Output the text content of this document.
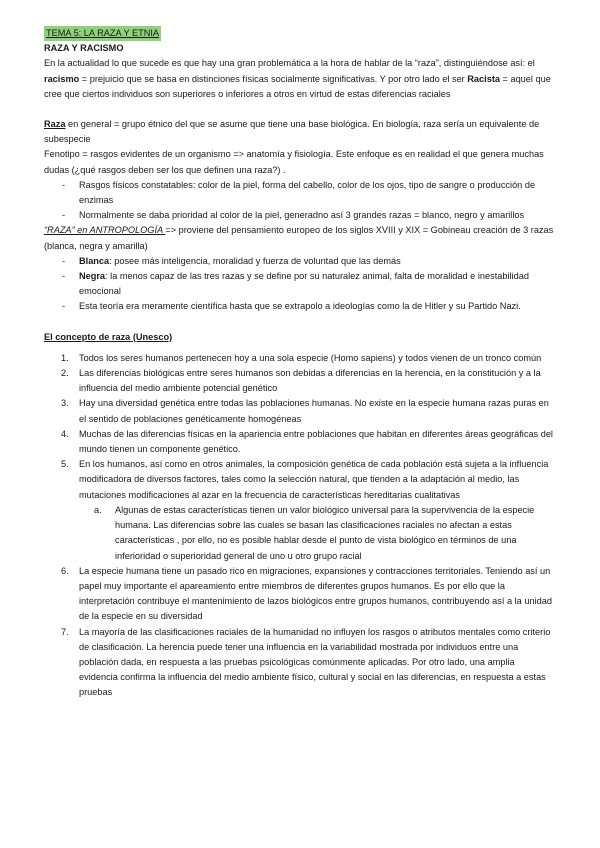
TEMA 5: LA RAZA Y ETNIA

RAZA Y RACISMO

En la actualidad lo que sucede es que hay una gran problemática a la hora de hablar de la “raza”, distinguiéndose así: el racismo = prejuicio que se basa en distinciones físicas socialmente significativas. Y por otro lado el ser Racista = aquel que cree que ciertos individuos son superiores o inferiores a otros en virtud de estas diferencias raciales

Raza en general = grupo étnico del que se asume que tiene una base biológica. En biología, raza sería un equivalente de subespecie

Fenotipo = rasgos evidentes de un organismo => anatomía y fisiología. Este enfoque es en realidad el que genera muchas dudas (¿qué rasgos deben ser los que definen una raza?) .

- Rasgos físicos constatables: color de la piel, forma del cabello, color de los ojos, tipo de sangre o producción de enzimas
- Normalmente se daba prioridad al color de la piel, generadno así 3 grandes razas = blanco, negro y amarillos

“RAZA” en ANTROPOLOGÍA => proviene del pensamiento europeo de los siglos XVIII y XIX = Gobineau creación de 3 razas (blanca, negra y amarilla)

- Blanca: posee más inteligencia, moralidad y fuerza de voluntad que las demás
- Negra: la menos capaz de las tres razas y se define por su naturalez animal, falta de moralidad e inestabilidad emocional
- Esta teoría era meramente científica hasta que se extrapolo a ideologías como la de Hitler y su Partido Nazi.

El concepto de raza (Unesco)

1. Todos los seres humanos pertenecen hoy a una sola especie (Homo sapiens) y todos vienen de un tronco común
2. Las diferencias biológicas entre seres humanos son debidas a diferencias en la herencia, en la constitución y a la influencia del medio ambiente potencial genético
3. Hay una diversidad genética entre todas las poblaciones humanas. No existe en la especie humana razas puras en el sentido de poblaciones genéticamente homogéneas
4. Muchas de las diferencias físicas en la apariencia entre poblaciones que habitan en diferentes áreas geográficas del mundo tienen un componente genético.
5. En los humanos, así como en otros animales, la composición genética de cada población está sujeta a la influencia modificadora de diversos factores, tales como la selección natural, que tienden a la adaptación al medio, las mutaciones modificaciones al azar en la frecuencia de características hereditarias cualitativas
a. Algunas de estas características tienen un valor biológico universal para la supervivencia de la especie humana. Las diferencias sobre las cuales se basan las clasificaciones raciales no afectan a estas características , por ello, no es posible hablar desde el punto de vista biológico en términos de una inferioridad o superioridad general de uno u otro grupo racial
6. La especie humana tiene un pasado rico en migraciones, expansiones y contracciones territoriales. Teniendo así un papel muy importante el apareamiento entre miembros de diferentes grupos humanos. Es por ello que la interpretación contribuye el mantenimiento de lazos biológicos entre grupos humanos, contribuyendo así a la unidad de la especie en su diversidad
7. La mayoría de las clasificaciones raciales de la humanidad no influyen los rasgos o atributos mentales como criterio de clasificación. La herencia puede tener una influencia en la variabilidad mostrada por individuos entre una población dada, en respuesta a las pruebas psicológicas comúnmente aplicadas. Por otro lado, una amplia evidencia confirma la influencia del medio ambiente físico, cultural y social en las diferencias, en respuesta a estas pruebas
